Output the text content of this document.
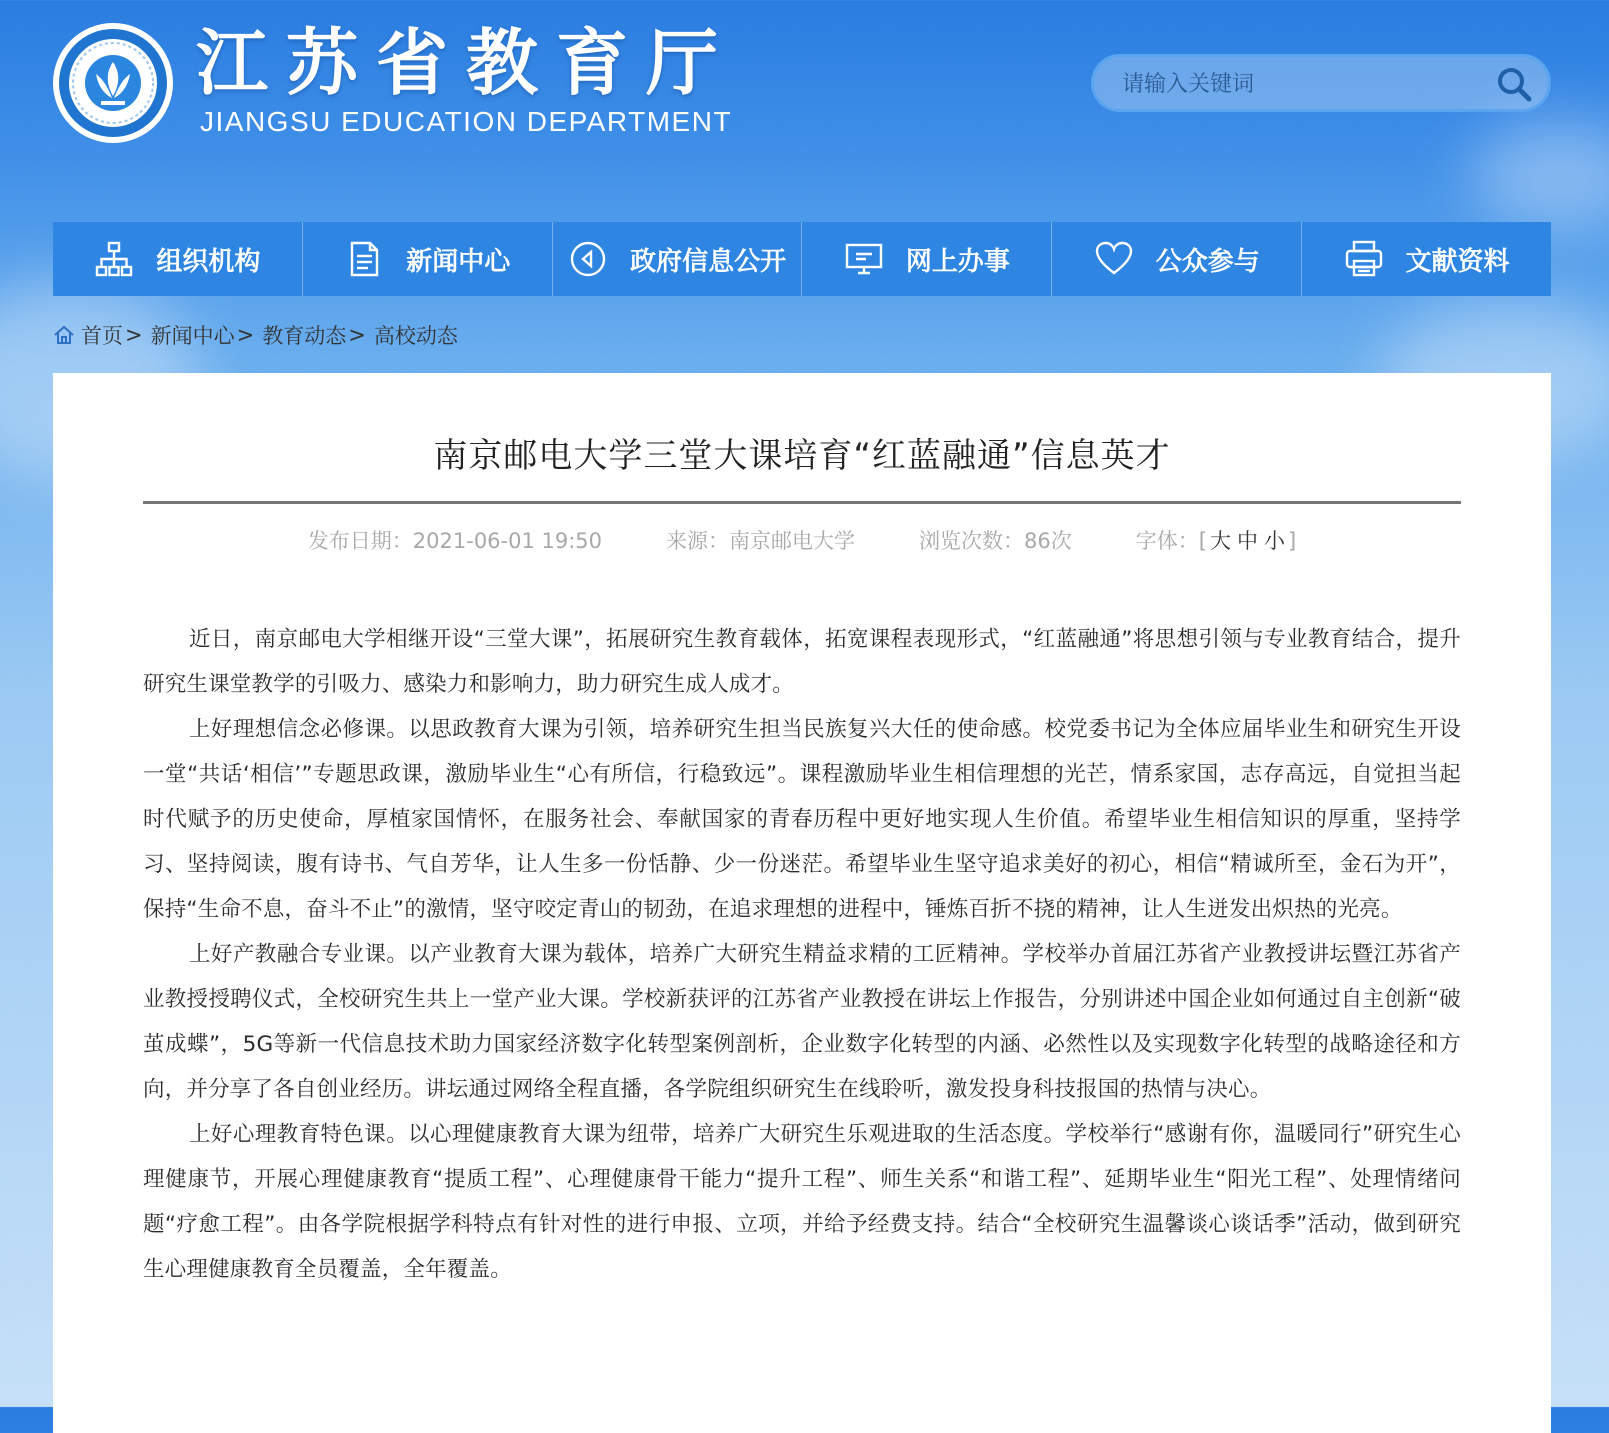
江苏省教育厅
JIANGSU EDUCATION DEPARTMENT
请输入关键词
组织机构	新闻中心	政府信息公开	网上办事	公众参与	文献资料
首页 > 新闻中心 > 教育动态 > 高校动态
南京邮电大学三堂大课培育“红蓝融通”信息英才
发布日期：2021-06-01 19:50	来源：南京邮电大学	浏览次数：86次	字体：[ 大 中 小 ]

近日，南京邮电大学相继开设“三堂大课”，拓展研究生教育载体，拓宽课程表现形式，“红蓝融通”将思想引领与专业教育结合，提升研究生课堂教学的引吸力、感染力和影响力，助力研究生成人成才。

上好理想信念必修课。以思政教育大课为引领，培养研究生担当民族复兴大任的使命感。校党委书记为全体应届毕业生和研究生开设一堂“共话‘相信’”专题思政课，激励毕业生“心有所信，行稳致远”。课程激励毕业生相信理想的光芒，情系家国，志存高远，自觉担当起时代赋予的历史使命，厚植家国情怀，在服务社会、奉献国家的青春历程中更好地实现人生价值。希望毕业生相信知识的厚重，坚持学习、坚持阅读，腹有诗书、气自芳华，让人生多一份恬静、少一份迷茫。希望毕业生坚守追求美好的初心，相信“精诚所至，金石为开”，保持“生命不息，奋斗不止”的激情，坚守咬定青山的韧劲，在追求理想的进程中，锤炼百折不挠的精神，让人生迸发出炽热的光亮。

上好产教融合专业课。以产业教育大课为载体，培养广大研究生精益求精的工匠精神。学校举办首届江苏省产业教授讲坛暨江苏省产业教授授聘仪式，全校研究生共上一堂产业大课。学校新获评的江苏省产业教授在讲坛上作报告，分别讲述中国企业如何通过自主创新“破茧成蝶”，5G等新一代信息技术助力国家经济数字化转型案例剖析，企业数字化转型的内涵、必然性以及实现数字化转型的战略途径和方向，并分享了各自创业经历。讲坛通过网络全程直播，各学院组织研究生在线聆听，激发投身科技报国的热情与决心。

上好心理教育特色课。以心理健康教育大课为纽带，培养广大研究生乐观进取的生活态度。学校举行“感谢有你，温暖同行”研究生心理健康节，开展心理健康教育“提质工程”、心理健康骨干能力“提升工程”、师生关系“和谐工程”、延期毕业生“阳光工程”、处理情绪问题“疗愈工程”。由各学院根据学科特点有针对性的进行申报、立项，并给予经费支持。结合“全校研究生温馨谈心谈话季”活动，做到研究生心理健康教育全员覆盖，全年覆盖。
